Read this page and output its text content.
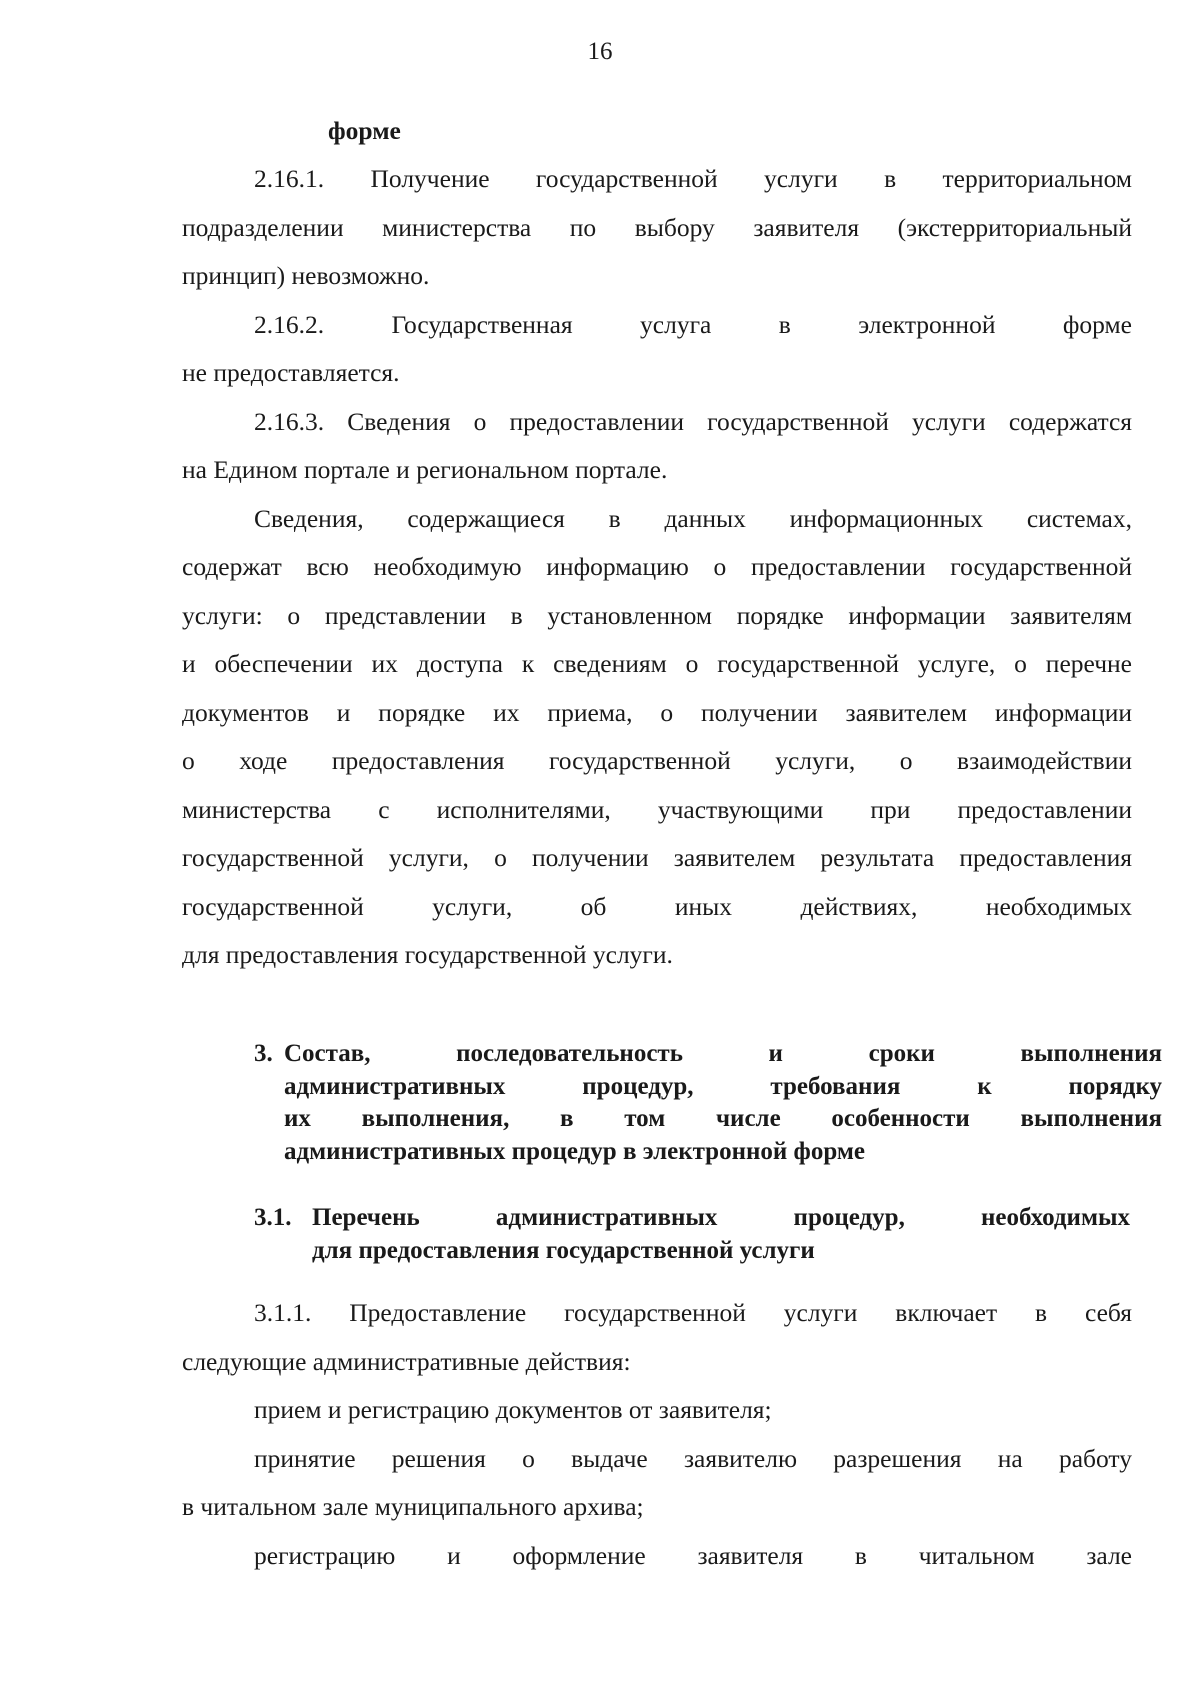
16
форме
2.16.1. Получение государственной услуги в территориальном
подразделении министерства по выбору заявителя (экстерриториальный
принцип) невозможно.
2.16.2. Государственная услуга в электронной форме
не предоставляется.
2.16.3. Сведения о предоставлении государственной услуги содержатся
на Едином портале и региональном портале.
Сведения, содержащиеся в данных информационных системах,
содержат всю необходимую информацию о предоставлении государственной
услуги: о представлении в установленном порядке информации заявителям
и обеспечении их доступа к сведениям о государственной услуге, о перечне
документов и порядке их приема, о получении заявителем информации
о ходе предоставления государственной услуги, о взаимодействии
министерства с исполнителями, участвующими при предоставлении
государственной услуги, о получении заявителем результата предоставления
государственной услуги, об иных действиях, необходимых
для предоставления государственной услуги.
3. Состав, последовательность и сроки выполнения
административных процедур, требования к порядку
их выполнения, в том числе особенности выполнения
административных процедур в электронной форме
3.1. Перечень административных процедур, необходимых
для предоставления государственной услуги
3.1.1. Предоставление государственной услуги включает в себя
следующие административные действия:
прием и регистрацию документов от заявителя;
принятие решения о выдаче заявителю разрешения на работу
в читальном зале муниципального архива;
регистрацию и оформление заявителя в читальном зале
